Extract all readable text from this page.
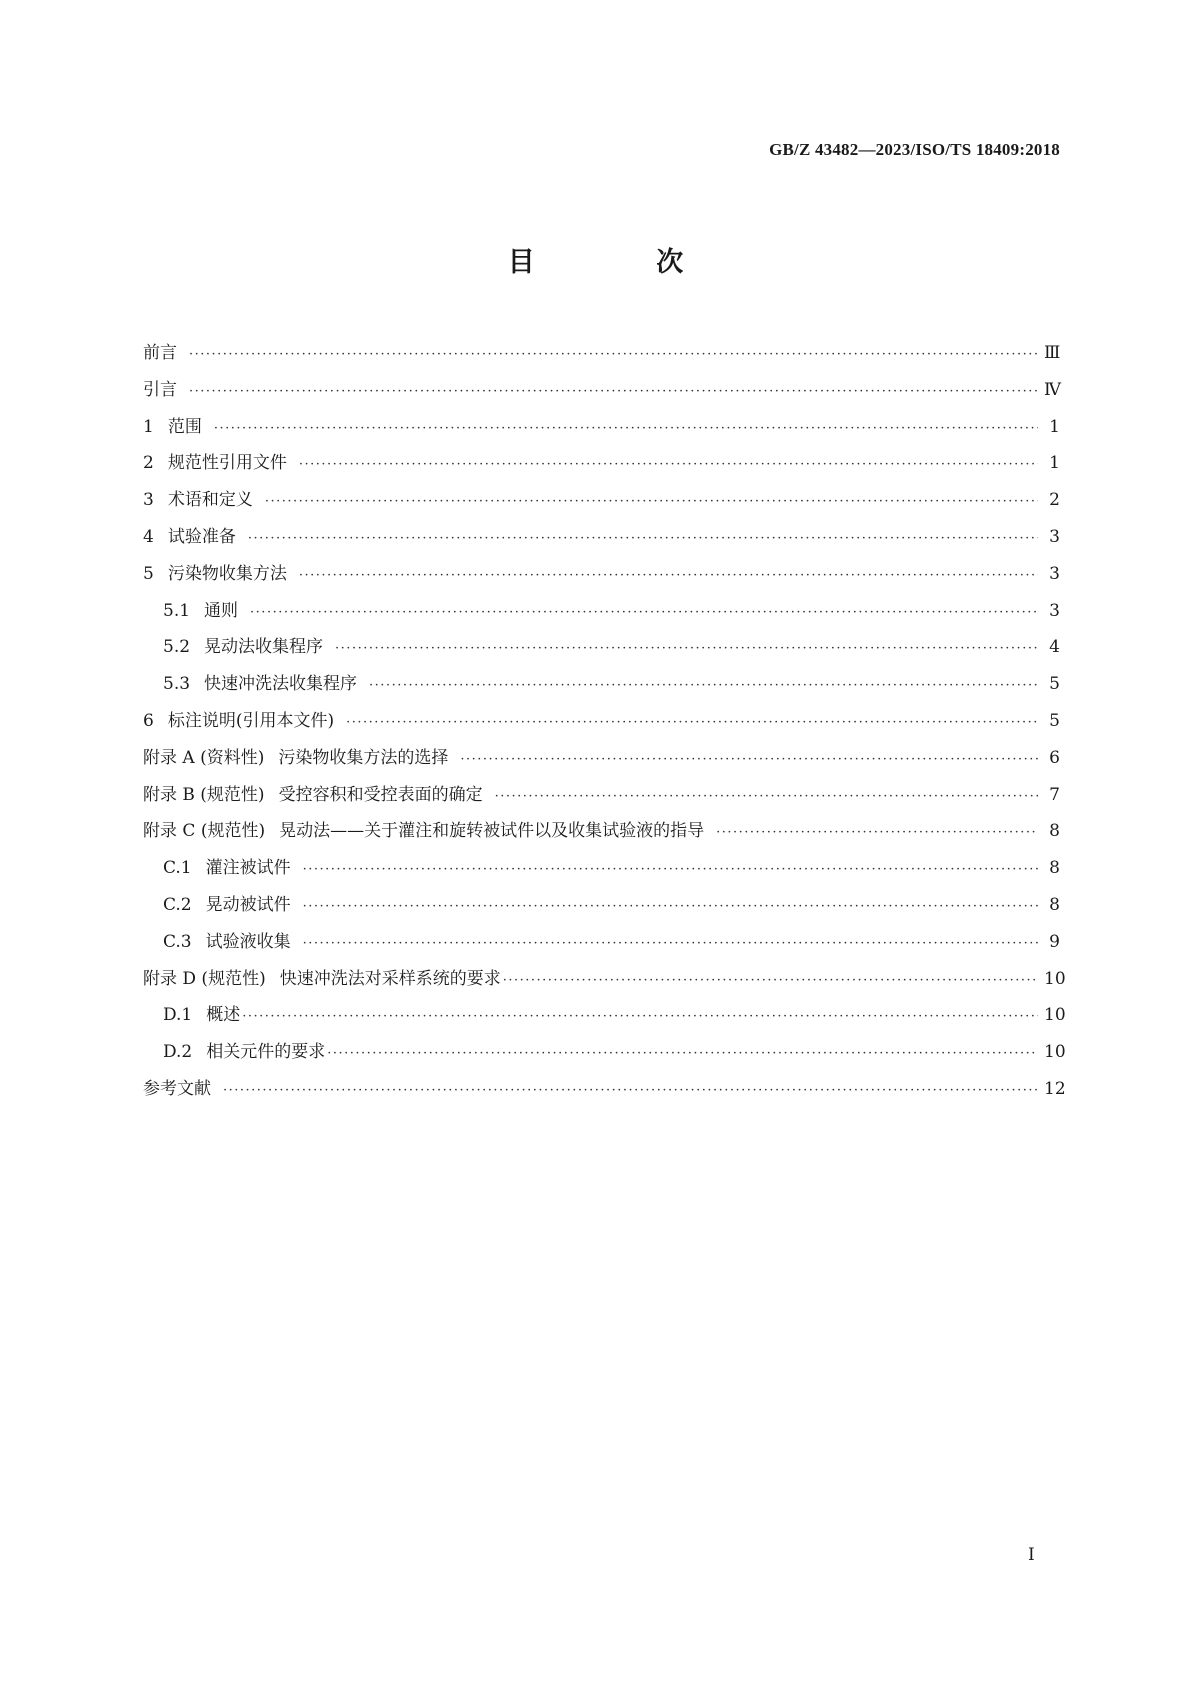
GB/Z 43482—2023/ISO/TS 18409:2018
目 次
前言 ·····	Ⅲ
引言 ·····	Ⅳ
1 范围 ·····	1
2 规范性引用文件 ·····	1
3 术语和定义 ·····	2
4 试验准备 ·····	3
5 污染物收集方法 ·····	3
5.1 通则 ·····	3
5.2 晃动法收集程序 ·····	4
5.3 快速冲洗法收集程序 ·····	5
6 标注说明(引用本文件) ·····	5
附录 A (资料性) 污染物收集方法的选择 ·····	6
附录 B (规范性) 受控容积和受控表面的确定 ·····	7
附录 C (规范性) 晃动法——关于灌注和旋转被试件以及收集试验液的指导 ·····	8
C.1 灌注被试件 ·····	8
C.2 晃动被试件 ·····	8
C.3 试验液收集 ·····	9
附录 D (规范性) 快速冲洗法对采样系统的要求 ·····	10
D.1 概述 ·····	10
D.2 相关元件的要求 ·····	10
参考文献 ·····	12
Ⅰ
